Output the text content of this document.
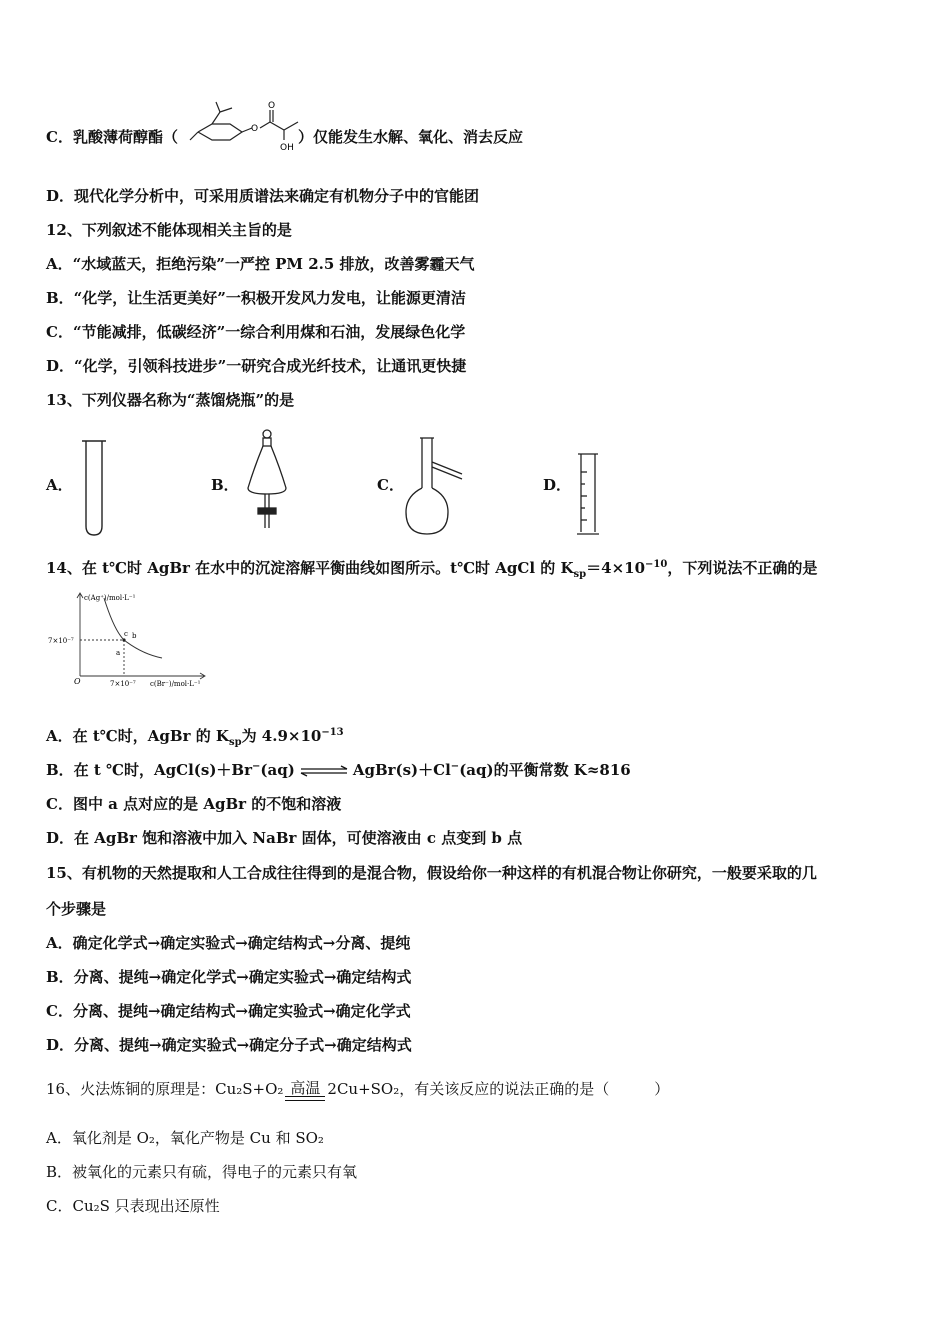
C．乳酸薄荷醇酯（	）仅能发生水解、氧化、消去反应
O
O
OH
D．现代化学分析中，可采用质谱法来确定有机物分子中的官能团
12、下列叙述不能体现相关主旨的是
A．“水域蓝天，拒绝污染”一严控 PM 2.5 排放，改善雾霾天气
B．“化学，让生活更美好”一积极开发风力发电，让能源更清洁
C．“节能减排，低碳经济”一综合利用煤和石油，发展绿色化学
D．“化学，引领科技进步”一研究合成光纤技术，让通讯更快捷
13、下列仪器名称为“蒸馏烧瓶”的是
A．	B．	C．	D．
14、在 t℃时 AgBr 在水中的沉淀溶解平衡曲线如图所示。t℃时 AgCl 的 $K_{sp}=4\times 10^{-10}$，下列说法不正确的是
c(Ag⁺)/mol·L⁻¹
c(Br⁻)/mol·L⁻¹
7×10⁻⁷
7×10⁻⁷
O
a
b
c
A．在 t℃时，AgBr 的 $K_{sp}$为 $4.9\times 10^{-13}$
B．在 t ℃时，AgCl(s)＋Br−(aq) ⇌ AgBr(s)＋Cl−(aq)的平衡常数 K≈816
C．图中 a 点对应的是 AgBr 的不饱和溶液
D．在 AgBr 饱和溶液中加入 NaBr 固体，可使溶液由 c 点变到 b 点
15、有机物的天然提取和人工合成往往得到的是混合物，假设给你一种这样的有机混合物让你研究，一般要采取的几
个步骤是
A．确定化学式→确定实验式→确定结构式→分离、提纯
B．分离、提纯→确定化学式→确定实验式→确定结构式
C．分离、提纯→确定结构式→确定实验式→确定化学式
D．分离、提纯→确定实验式→确定分子式→确定结构式
16、火法炼铜的原理是：Cu₂S+O₂ 高温 2Cu+SO₂，有关该反应的说法正确的是（　　　）
A．氧化剂是 O₂，氧化产物是 Cu 和 SO₂
B．被氧化的元素只有硫，得电子的元素只有氧
C．Cu₂S 只表现出还原性
